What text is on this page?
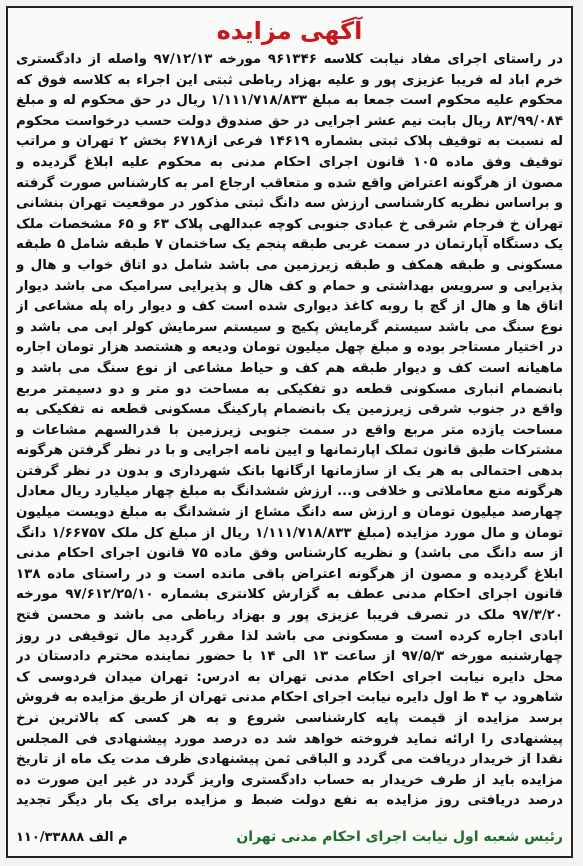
آگهی مزایده

در راستای اجرای مفاد نیابت کلاسه ۹۶۱۳۴۶ مورخه ۹۷/۱۲/۱۳ واصله از دادگستری خرم اباد له فریبا عزیزی پور و علیه بهزاد رباطی ثبتی این اجراء به کلاسه فوق که محکوم علیه محکوم است جمعا به مبلغ ۱/۱۱۱/۷۱۸/۸۳۳ ریال در حق محکوم له و مبلغ ۸۳/۹۹/۰۸۴ ریال بابت نیم عشر اجرایی در حق صندوق دولت حسب درخواست محکوم له نسبت به توقیف پلاک ثبتی بشماره ۱۴۶۱۹ فرعی از۶۷۱۸ بخش ۲ تهران و مراتب توقیف وفق ماده ۱۰۵ قانون اجرای احکام مدنی به محکوم علیه ابلاغ گردیده و مصون از هرگونه اعتراض واقع شده و متعاقب ارجاع امر به کارشناس صورت گرفته و براساس نظریه کارشناسی ارزش سه دانگ ثبتی مذکور در موقعیت تهران بنشانی تهران خ فرجام شرقی خ عبادی جنوبی کوچه عبدالهی پلاک ۶۳ و ۶۵ مشخصات ملک یک دستگاه آپارتمان در سمت غربی طبقه پنجم یک ساختمان ۷ طبقه شامل ۵ طبقه مسکونی و طبقه همکف و طبقه زیرزمین می باشد شامل دو اتاق خواب و هال و پذیرایی و سرویس بهداشتی و حمام و کف هال و پذیرایی سرامیک می باشد دیوار اتاق ها و هال از گچ با روبه کاغذ دیواری شده است کف و دیوار راه پله مشاعی از نوع سنگ می باشد سیستم گرمایش پکیج و سیستم سرمایش کولر ابی می باشد و در اختیار مستاجر بوده و مبلغ چهل میلیون تومان ودیعه و هشتصد هزار تومان اجاره ماهیانه است کف و دیوار طبقه هم کف و حیاط مشاعی از نوع سنگ می باشد و بانضمام انباری مسکونی قطعه دو تفکیکی به مساحت دو متر و دو دسیمتر مربع واقع در جنوب شرقی زیرزمین یک بانضمام پارکینگ مسکونی قطعه نه تفکیکی به مساحت یازده متر مربع واقع در سمت جنوبی زیرزمین با قدرالسهم مشاعات و مشترکات طبق قانون تملک اپارتمانها و ایین نامه اجرایی و با در نظر گرفتن هرگونه بدهی احتمالی به هر یک از سازمانها ارگانها بانک شهرداری و بدون در نظر گرفتن هرگونه منع معاملاتی و خلافی و... ارزش ششدانگ به مبلغ چهار میلیارد ریال معادل چهارصد میلیون تومان و ارزش سه دانگ مشاع از ششدانگ به مبلغ دویست میلیون تومان و مال مورد مزایده (مبلغ ۱/۱۱۱/۷۱۸/۸۳۳ ریال از مبلغ کل ملک ۱/۶۶۷۵۷ دانگ از سه دانگ می باشد) و نظریه کارشناس وفق ماده ۷۵ قانون اجرای احکام مدنی ابلاغ گردیده و مصون از هرگونه اعتراض باقی مانده است و در راستای ماده ۱۳۸ قانون اجرای احکام مدنی عطف به گزارش کلانتری بشماره ۹۷/۶۱۲/۲۵/۱۰ مورخه ۹۷/۳/۲۰ ملک در تصرف فریبا عزیزی پور و بهزاد رباطی می باشد و محسن فتح ابادی اجاره کرده است و مسکونی می باشد لذا مقرر گردید مال توقیفی در روز چهارشنبه مورخه ۹۷/۵/۳ از ساعت ۱۳ الی ۱۴ با حضور نماینده محترم دادستان در محل دایره نیابت اجرای احکام مدنی تهران به ادرس: تهران میدان فردوسی ک شاهرود پ ۴ ط اول دایره نیابت اجرای احکام مدنی تهران از طریق مزایده به فروش برسد مزایده از قیمت پایه کارشناسی شروع و به هر کسی که بالاترین نرخ پیشنهادی را ارائه نماید فروخته خواهد شد ده درصد مورد پیشنهادی فی المجلس نقدا از خریدار دریافت می گردد و الباقی ثمن پیشنهادی ظرف مدت یک ماه از تاریخ مزایده باید از طرف خریدار به حساب دادگستری واریز گردد در غیر این صورت ده درصد دریافتی روز مزایده به نفع دولت ضبط و مزایده برای یک بار دیگر تجدید

رئیس شعبه اول نیابت اجرای احکام مدنی تهران
۱۱۰/۳۳۸۸۸ م الف
